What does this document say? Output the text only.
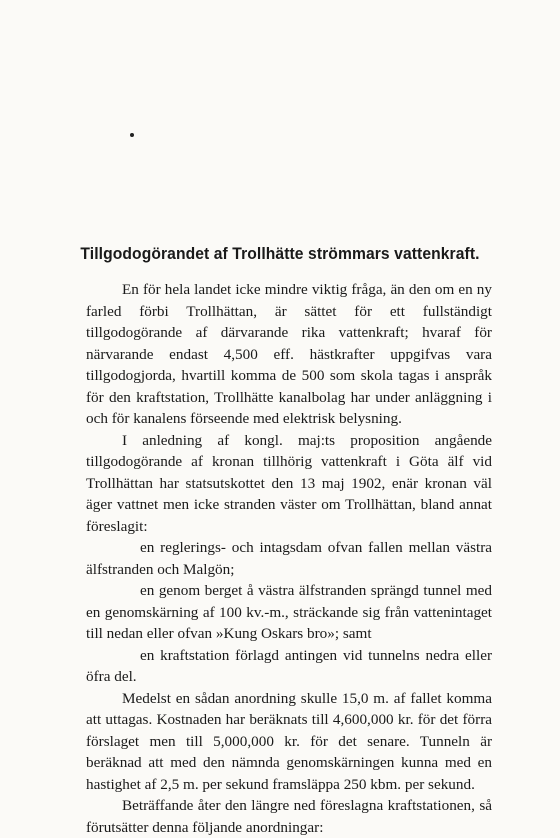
Tillgodogörandet af Trollhätte strömmars vattenkraft.

En för hela landet icke mindre viktig fråga, än den om en ny farled förbi Trollhättan, är sättet för ett fullständigt tillgodogörande af därvarande rika vattenkraft; hvaraf för närvarande endast 4,500 eff. hästkrafter uppgifvas vara tillgodogjorda, hvartill komma de 500 som skola tagas i anspråk för den kraftstation, Trollhätte kanalbolag har under anläggning i och för kanalens förseende med elektrisk belysning.

I anledning af kongl. maj:ts proposition angående tillgodogörande af kronan tillhörig vattenkraft i Göta älf vid Trollhättan har statsutskottet den 13 maj 1902, enär kronan väl äger vattnet men icke stranden väster om Trollhättan, bland annat föreslagit:

en reglerings- och intagsdam ofvan fallen mellan västra älfstranden och Malgön;

en genom berget å västra älfstranden sprängd tunnel med en genomskärning af 100 kv.-m., sträckande sig från vattenintaget till nedan eller ofvan »Kung Oskars bro»; samt

en kraftstation förlagd antingen vid tunnelns nedra eller öfra del.

Medelst en sådan anordning skulle 15,0 m. af fallet komma att uttagas. Kostnaden har beräknats till 4,600,000 kr. för det förra förslaget men till 5,000,000 kr. för det senare. Tunneln är beräknad att med den nämnda genomskärningen kunna med en hastighet af 2,5 m. per sekund framsläppa 250 kbm. per sekund.

Beträffande åter den längre ned föreslagna kraftstationen, så förutsätter denna följande anordningar:
